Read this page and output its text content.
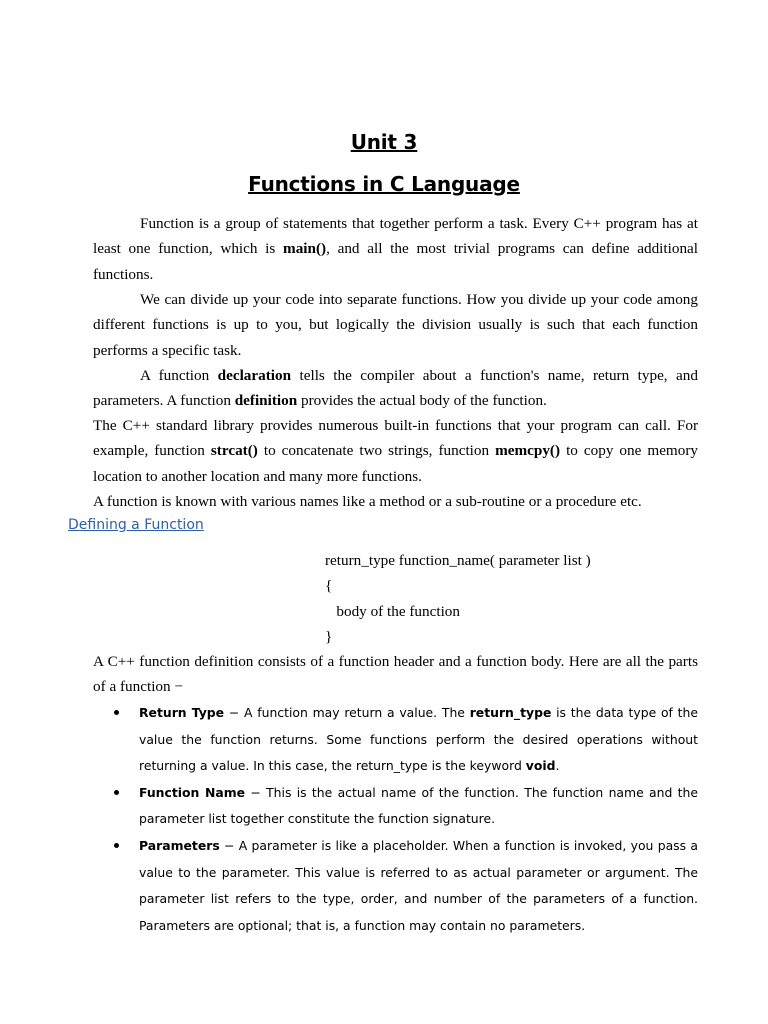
Unit 3
Functions in C Language

Function is a group of statements that together perform a task. Every C++ program has at least one function, which is main(), and all the most trivial programs can define additional functions.

We can divide up your code into separate functions. How you divide up your code among different functions is up to you, but logically the division usually is such that each function performs a specific task.

A function declaration tells the compiler about a function's name, return type, and parameters. A function definition provides the actual body of the function.

The C++ standard library provides numerous built-in functions that your program can call. For example, function strcat() to concatenate two strings, function memcpy() to copy one memory location to another location and many more functions.

A function is known with various names like a method or a sub-routine or a procedure etc.

Defining a Function
return_type function_name( parameter list )
{
body of the function
}

A C++ function definition consists of a function header and a function body. Here are all the parts of a function −

Return Type − A function may return a value. The return_type is the data type of the value the function returns. Some functions perform the desired operations without returning a value. In this case, the return_type is the keyword void.
Function Name − This is the actual name of the function. The function name and the parameter list together constitute the function signature.
Parameters − A parameter is like a placeholder. When a function is invoked, you pass a value to the parameter. This value is referred to as actual parameter or argument. The parameter list refers to the type, order, and number of the parameters of a function. Parameters are optional; that is, a function may contain no parameters.
